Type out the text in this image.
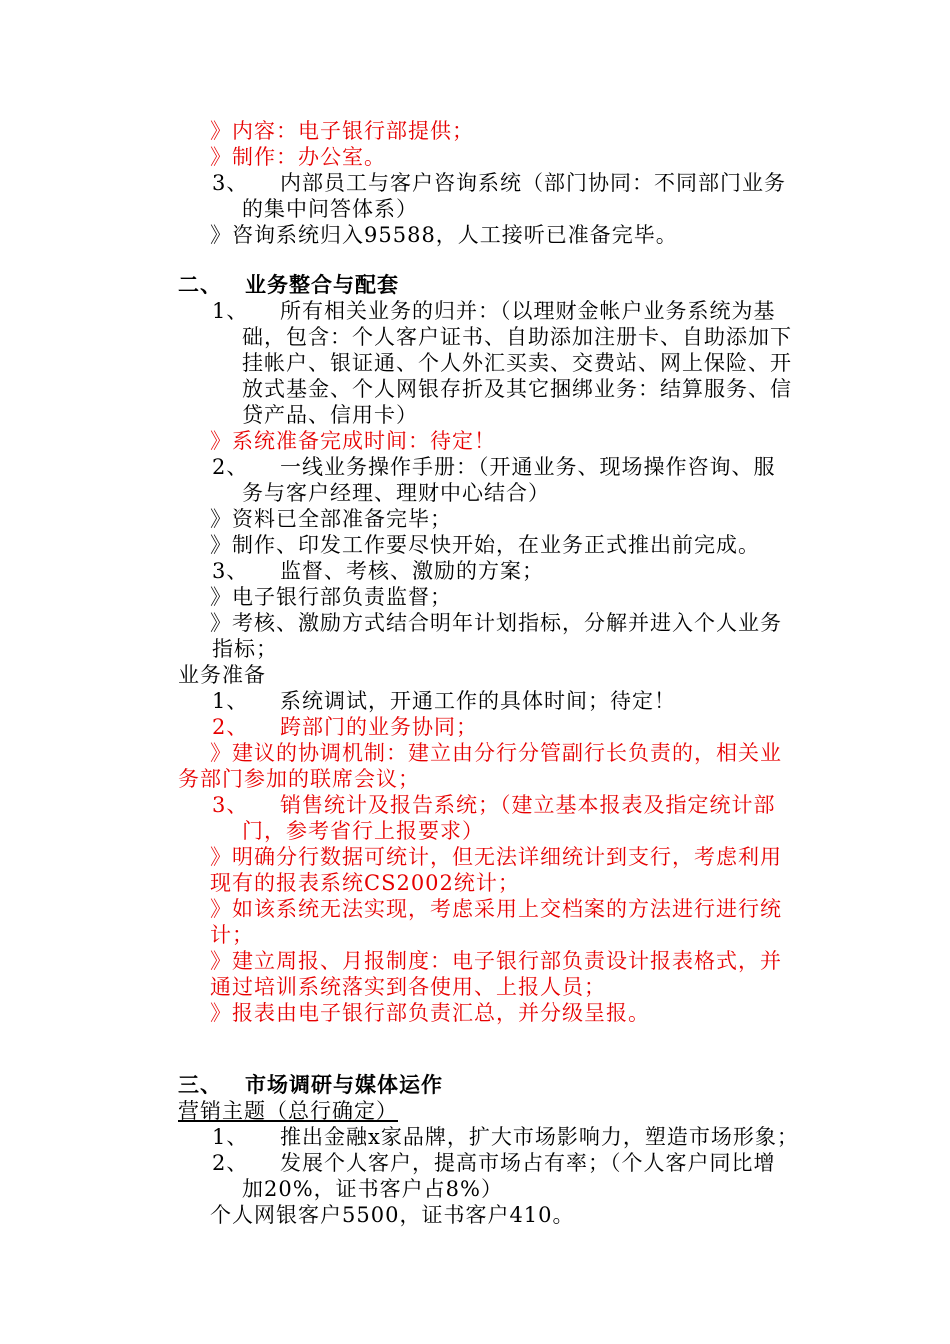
》内容：电子银行部提供；
》制作：办公室。
3、 内部员工与客户咨询系统（部门协同：不同部门业务
的集中问答体系）
》咨询系统归入95588，人工接听已准备完毕。
二、 业务整合与配套
1、 所有相关业务的归并：（以理财金帐户业务系统为基
础，包含：个人客户证书、自助添加注册卡、自助添加下
挂帐户、银证通、个人外汇买卖、交费站、网上保险、开
放式基金、个人网银存折及其它捆绑业务：结算服务、信
贷产品、信用卡）
》系统准备完成时间：待定！
2、 一线业务操作手册：（开通业务、现场操作咨询、服
务与客户经理、理财中心结合）
》资料已全部准备完毕；
》制作、印发工作要尽快开始，在业务正式推出前完成。
3、 监督、考核、激励的方案；
》电子银行部负责监督；
》考核、激励方式结合明年计划指标，分解并进入个人业务
指标；
业务准备
1、 系统调试，开通工作的具体时间；待定！
2、 跨部门的业务协同；
》建议的协调机制：建立由分行分管副行长负责的，相关业
务部门参加的联席会议；
3、 销售统计及报告系统；（建立基本报表及指定统计部
门，参考省行上报要求）
》明确分行数据可统计，但无法详细统计到支行，考虑利用
现有的报表系统CS2002统计；
》如该系统无法实现，考虑采用上交档案的方法进行进行统
计；
》建立周报、月报制度：电子银行部负责设计报表格式，并
通过培训系统落实到各使用、上报人员；
》报表由电子银行部负责汇总，并分级呈报。
三、 市场调研与媒体运作
营销主题（总行确定）
1、 推出金融x家品牌，扩大市场影响力，塑造市场形象；
2、 发展个人客户，提高市场占有率；（个人客户同比增
加20%，证书客户占8%）
个人网银客户5500，证书客户410。
